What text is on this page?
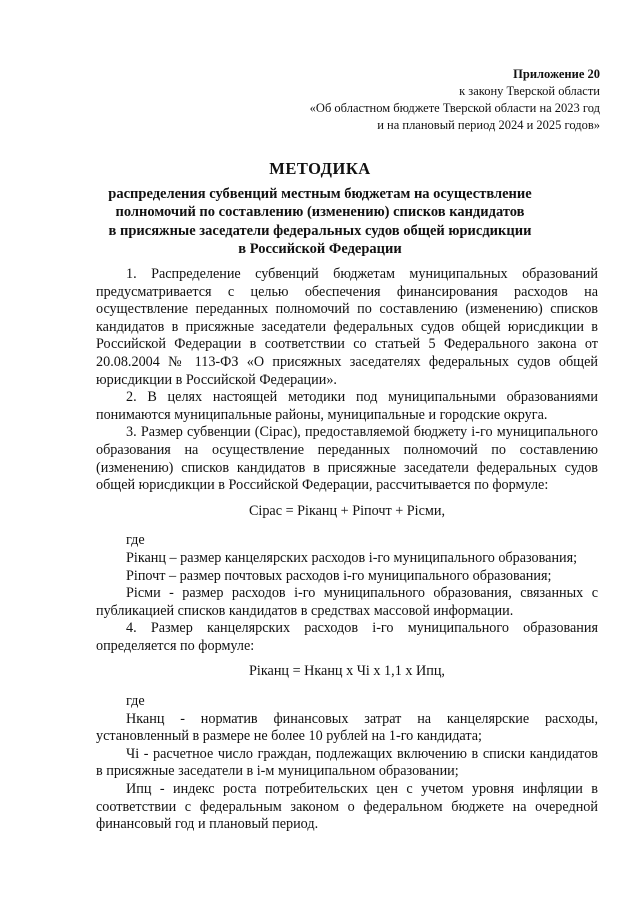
Приложение 20
к закону Тверской области
«Об областном бюджете Тверской области на 2023 год
и на плановый период 2024 и 2025 годов»
МЕТОДИКА
распределения субвенций местным бюджетам на осуществление
полномочий по составлению (изменению) списков кандидатов
в присяжные заседатели федеральных судов общей юрисдикции
в Российской Федерации

1. Распределение субвенций бюджетам муниципальных образований предусматривается с целью обеспечения финансирования расходов на осуществление переданных полномочий по составлению (изменению) списков кандидатов в присяжные заседатели федеральных судов общей юрисдикции в Российской Федерации в соответствии со статьей 5 Федерального закона от 20.08.2004 № 113-ФЗ «О присяжных заседателях федеральных судов общей юрисдикции в Российской Федерации».

2. В целях настоящей методики под муниципальными образованиями понимаются муниципальные районы, муниципальные и городские округа.

3. Размер субвенции (Сiрас), предоставляемой бюджету i-го муниципального образования на осуществление переданных полномочий по составлению (изменению) списков кандидатов в присяжные заседатели федеральных судов общей юрисдикции в Российской Федерации, рассчитывается по формуле:

Сiрас = Рiканц + Рiпочт + Рiсми,

где

Рiканц – размер канцелярских расходов i-го муниципального образования;

Рiпочт – размер почтовых расходов i-го муниципального образования;

Рiсми - размер расходов i-го муниципального образования, связанных с публикацией списков кандидатов в средствах массовой информации.

4. Размер канцелярских расходов i-го муниципального образования определяется по формуле:

Рiканц = Нканц х Чi х 1,1 х Ипц,

где

Нканц - норматив финансовых затрат на канцелярские расходы, установленный в размере не более 10 рублей на 1-го кандидата;

Чi - расчетное число граждан, подлежащих включению в списки кандидатов в присяжные заседатели в i-м муниципальном образовании;

Ипц - индекс роста потребительских цен с учетом уровня инфляции в соответствии с федеральным законом о федеральном бюджете на очередной финансовый год и плановый период.
